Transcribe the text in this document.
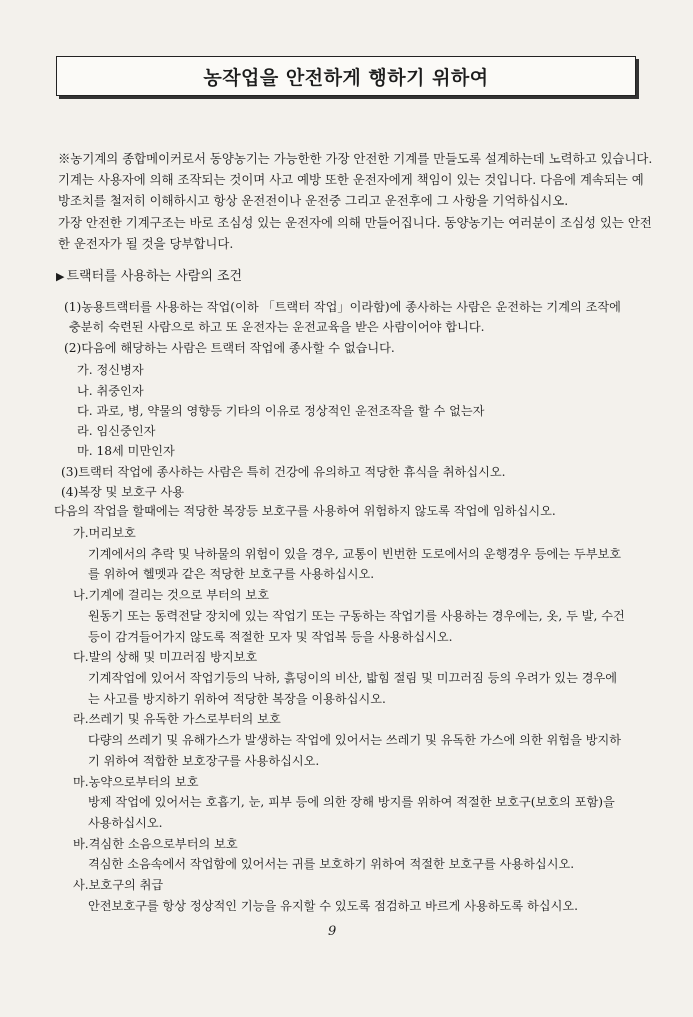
농작업을 안전하게 행하기 위하여
※농기계의 종합메이커로서 동양농기는 가능한한 가장 안전한 기계를 만들도록 설계하는데 노력하고 있습니다.
기계는 사용자에 의해 조작되는 것이며 사고 예방 또한 운전자에게 책임이 있는 것입니다. 다음에 계속되는 예
방조치를 철저히 이해하시고 항상 운전전이나 운전중 그리고 운전후에 그 사항을 기억하십시오.
가장 안전한 기계구조는 바로 조심성 있는 운전자에 의해 만들어집니다. 동양농기는 여러분이 조심성 있는 안전
한 운전자가 될 것을 당부합니다.
▶ 트랙터를 사용하는 사람의 조건
(1)농용트랙터를 사용하는 작업(이하 「트랙터 작업」이라함)에 종사하는 사람은 운전하는 기계의 조작에
충분히 숙련된 사람으로 하고 또 운전자는 운전교육을 받은 사람이어야 합니다.
(2)다음에 해당하는 사람은 트랙터 작업에 종사할 수 없습니다.
가. 정신병자
나. 취중인자
다. 과로, 병, 약물의 영향등 기타의 이유로 정상적인 운전조작을 할 수 없는자
라. 임신중인자
마. 18세 미만인자
(3)트랙터 작업에 종사하는 사람은 특히 건강에 유의하고 적당한 휴식을 취하십시오.
(4)복장 및 보호구 사용
다음의 작업을 할때에는 적당한 복장등 보호구를 사용하여 위험하지 않도록 작업에 임하십시오.
가.머리보호
기계에서의 추락 및 낙하물의 위험이 있을 경우, 교통이 빈번한 도로에서의 운행경우 등에는 두부보호
를 위하여 헬멧과 같은 적당한 보호구를 사용하십시오.
나.기계에 걸리는 것으로 부터의 보호
원동기 또는 동력전달 장치에 있는 작업기 또는 구동하는 작업기를 사용하는 경우에는, 옷, 두 발, 수건
등이 감겨들어가지 않도록 적절한 모자 및 작업복 등을 사용하십시오.
다.발의 상해 및 미끄러짐 방지보호
기계작업에 있어서 작업기등의 낙하, 흙덩이의 비산, 밟힘 절림 및 미끄러짐 등의 우려가 있는 경우에
는 사고를 방지하기 위하여 적당한 복장을 이용하십시오.
라.쓰레기 및 유독한 가스로부터의 보호
다량의 쓰레기 및 유해가스가 발생하는 작업에 있어서는 쓰레기 및 유독한 가스에 의한 위험을 방지하
기 위하여 적합한 보호장구를 사용하십시오.
마.농약으로부터의 보호
방제 작업에 있어서는 호흡기, 눈, 피부 등에 의한 장해 방지를 위하여 적절한 보호구(보호의 포함)을
사용하십시오.
바.격심한 소음으로부터의 보호
격심한 소음속에서 작업함에 있어서는 귀를 보호하기 위하여 적절한 보호구를 사용하십시오.
사.보호구의 취급
안전보호구를 항상 정상적인 기능을 유지할 수 있도록 점검하고 바르게 사용하도록 하십시오.
9
